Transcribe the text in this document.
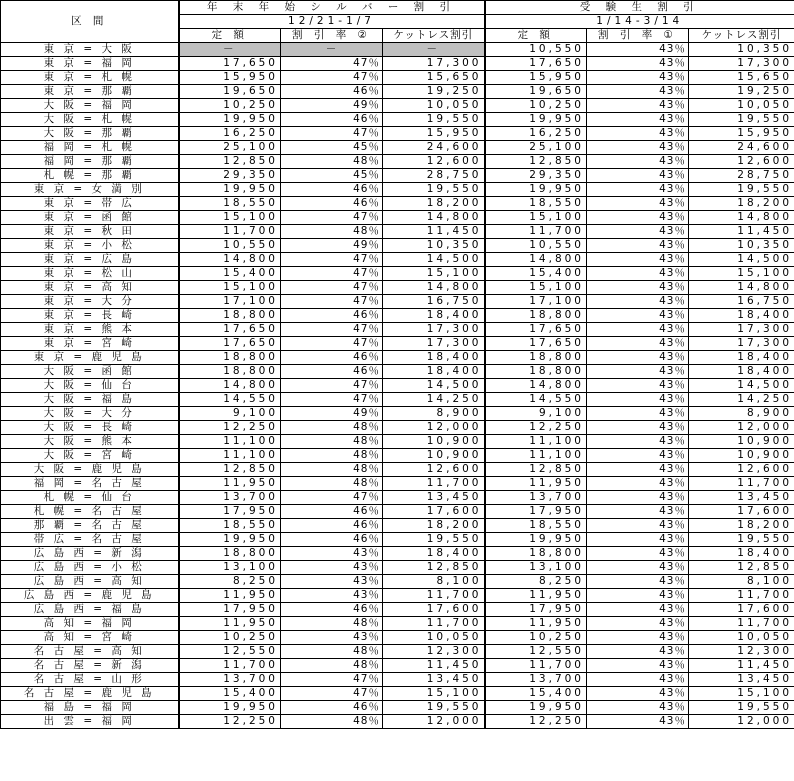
区 間	年 末 年 始 シ ル バ ー 割 引			受 験 生 割 引		
	12/21-1/7			1/14-3/14		
	定 額	割 引 率 ②	ケットレス割引	定 額	割 引 率 ①	ケットレス割引
東 京 = 大 阪	－	－	－	10,550	43％	10,350
東 京 = 福 岡	17,650	47％	17,300	17,650	43％	17,300
東 京 = 札 幌	15,950	47％	15,650	15,950	43％	15,650
東 京 = 那 覇	19,650	46％	19,250	19,650	43％	19,250
大 阪 = 福 岡	10,250	49％	10,050	10,250	43％	10,050
大 阪 = 札 幌	19,950	46％	19,550	19,950	43％	19,550
大 阪 = 那 覇	16,250	47％	15,950	16,250	43％	15,950
福 岡 = 札 幌	25,100	45％	24,600	25,100	43％	24,600
福 岡 = 那 覇	12,850	48％	12,600	12,850	43％	12,600
札 幌 = 那 覇	29,350	45％	28,750	29,350	43％	28,750
東 京 = 女 満 別	19,950	46％	19,550	19,950	43％	19,550
東 京 = 帯 広	18,550	46％	18,200	18,550	43％	18,200
東 京 = 函 館	15,100	47％	14,800	15,100	43％	14,800
東 京 = 秋 田	11,700	48％	11,450	11,700	43％	11,450
東 京 = 小 松	10,550	49％	10,350	10,550	43％	10,350
東 京 = 広 島	14,800	47％	14,500	14,800	43％	14,500
東 京 = 松 山	15,400	47％	15,100	15,400	43％	15,100
東 京 = 高 知	15,100	47％	14,800	15,100	43％	14,800
東 京 = 大 分	17,100	47％	16,750	17,100	43％	16,750
東 京 = 長 崎	18,800	46％	18,400	18,800	43％	18,400
東 京 = 熊 本	17,650	47％	17,300	17,650	43％	17,300
東 京 = 宮 崎	17,650	47％	17,300	17,650	43％	17,300
東 京 = 鹿 児 島	18,800	46％	18,400	18,800	43％	18,400
大 阪 = 函 館	18,800	46％	18,400	18,800	43％	18,400
大 阪 = 仙 台	14,800	47％	14,500	14,800	43％	14,500
大 阪 = 福 島	14,550	47％	14,250	14,550	43％	14,250
大 阪 = 大 分	9,100	49％	8,900	9,100	43％	8,900
大 阪 = 長 崎	12,250	48％	12,000	12,250	43％	12,000
大 阪 = 熊 本	11,100	48％	10,900	11,100	43％	10,900
大 阪 = 宮 崎	11,100	48％	10,900	11,100	43％	10,900
大 阪 = 鹿 児 島	12,850	48％	12,600	12,850	43％	12,600
福 岡 = 名 古 屋	11,950	48％	11,700	11,950	43％	11,700
札 幌 = 仙 台	13,700	47％	13,450	13,700	43％	13,450
札 幌 = 名 古 屋	17,950	46％	17,600	17,950	43％	17,600
那 覇 = 名 古 屋	18,550	46％	18,200	18,550	43％	18,200
帯 広 = 名 古 屋	19,950	46％	19,550	19,950	43％	19,550
広 島 西 = 新 潟	18,800	43％	18,400	18,800	43％	18,400
広 島 西 = 小 松	13,100	43％	12,850	13,100	43％	12,850
広 島 西 = 高 知	8,250	43％	8,100	8,250	43％	8,100
広 島 西 = 鹿 児 島	11,950	43％	11,700	11,950	43％	11,700
広 島 西 = 福 島	17,950	46％	17,600	17,950	43％	17,600
高 知 = 福 岡	11,950	48％	11,700	11,950	43％	11,700
高 知 = 宮 崎	10,250	43％	10,050	10,250	43％	10,050
名 古 屋 = 高 知	12,550	48％	12,300	12,550	43％	12,300
名 古 屋 = 新 潟	11,700	48％	11,450	11,700	43％	11,450
名 古 屋 = 山 形	13,700	47％	13,450	13,700	43％	13,450
名 古 屋 = 鹿 児 島	15,400	47％	15,100	15,400	43％	15,100
福 島 = 福 岡	19,950	46％	19,550	19,950	43％	19,550
出 雲 = 福 岡	12,250	48％	12,000	12,250	43％	12,000
